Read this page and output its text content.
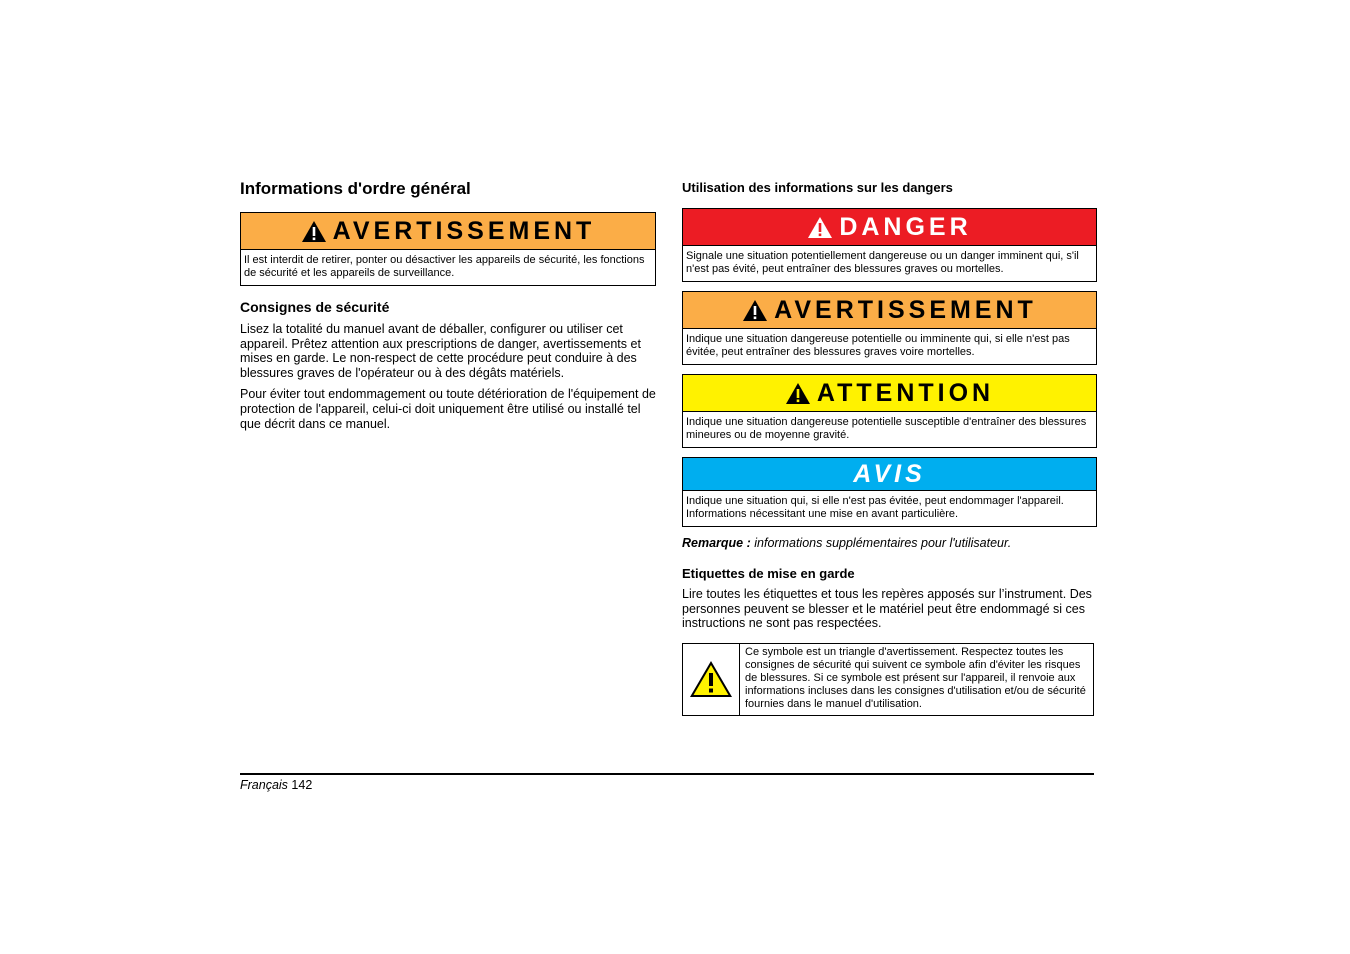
Informations d'ordre général
AVERTISSEMENT
Il est interdit de retirer, ponter ou désactiver les appareils de sécurité, les fonctions de sécurité et les appareils de surveillance.
Consignes de sécurité

Lisez la totalité du manuel avant de déballer, configurer ou utiliser cet appareil. Prêtez attention aux prescriptions de danger, avertissements et mises en garde. Le non-respect de cette procédure peut conduire à des blessures graves de l'opérateur ou à des dégâts matériels.

Pour éviter tout endommagement ou toute détérioration de l'équipement de protection de l'appareil, celui-ci doit uniquement être utilisé ou installé tel que décrit dans ce manuel.

Utilisation des informations sur les dangers
DANGER
Signale une situation potentiellement dangereuse ou un danger imminent qui, s'il n'est pas évité, peut entraîner des blessures graves ou mortelles.
AVERTISSEMENT
Indique une situation dangereuse potentielle ou imminente qui, si elle n'est pas évitée, peut entraîner des blessures graves voire mortelles.
ATTENTION
Indique une situation dangereuse potentielle susceptible d'entraîner des blessures mineures ou de moyenne gravité.
AVIS
Indique une situation qui, si elle n'est pas évitée, peut endommager l'appareil. Informations nécessitant une mise en avant particulière.
Remarque : informations supplémentaires pour l'utilisateur.
Etiquettes de mise en garde

Lire toutes les étiquettes et tous les repères apposés sur l’instrument. Des personnes peuvent se blesser et le matériel peut être endommagé si ces instructions ne sont pas respectées.

Ce symbole est un triangle d'avertissement. Respectez toutes les consignes de sécurité qui suivent ce symbole afin d'éviter les risques de blessures. Si ce symbole est présent sur l'appareil, il renvoie aux informations incluses dans les consignes d'utilisation et/ou de sécurité fournies dans le manuel d'utilisation.
Français 142
